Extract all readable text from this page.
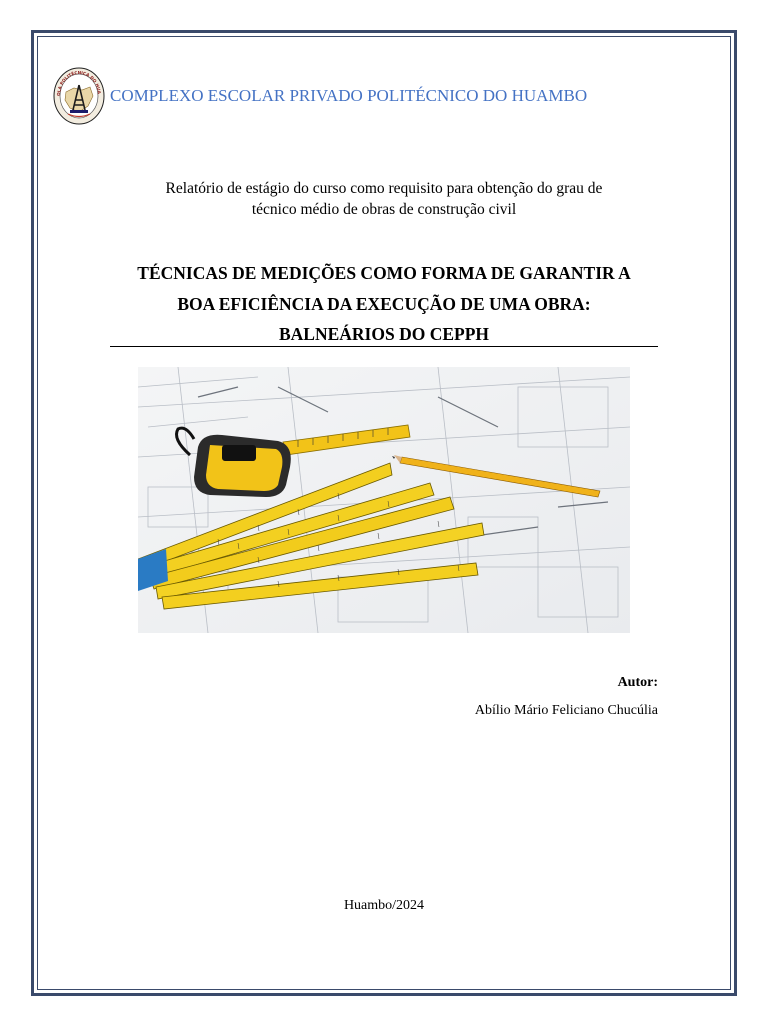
OLA POLITÉCNICA DO HUA COMPLEXO ESCOLAR PRIVADO POLITÉCNICO DO HUAMBO
Relatório de estágio do curso como requisito para obtenção do grau de
técnico médio de obras de construção civil
TÉCNICAS DE MEDIÇÕES COMO FORMA DE GARANTIR A
BOA EFICIÊNCIA DA EXECUÇÃO DE UMA OBRA:
BALNEÁRIOS DO CEPPH
Autor:
Abílio Mário Feliciano Chucúlia
Huambo/2024
